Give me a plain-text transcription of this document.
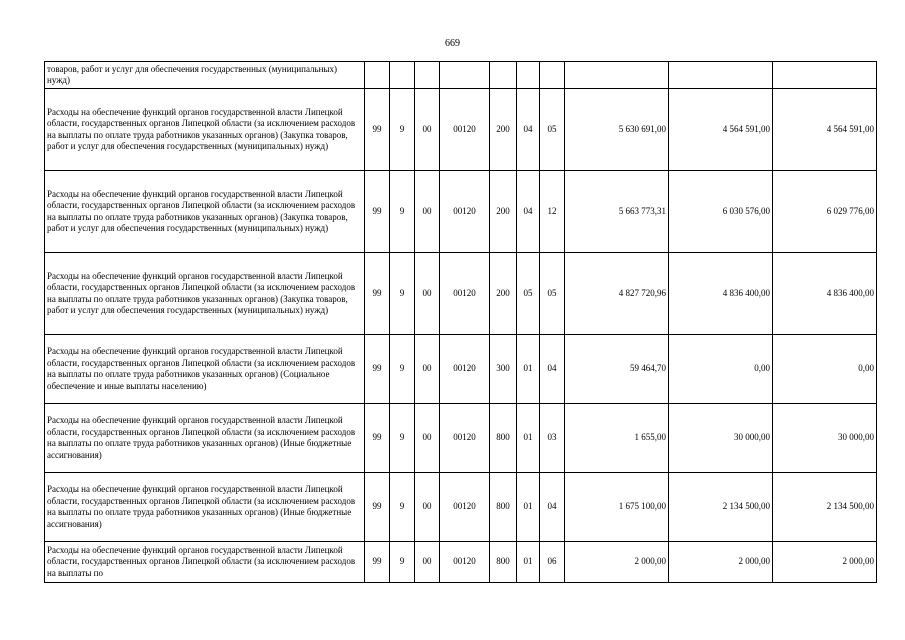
669
товаров, работ и услуг для обеспечения государственных (муниципальных) нужд)										
Расходы на обеспечение функций органов государственной власти Липецкой области, государственных органов Липецкой области (за исключением расходов на выплаты по оплате труда работников указанных органов) (Закупка товаров, работ и услуг для обеспечения государственных (муниципальных) нужд)	99	9	00	00120	200	04	05	5 630 691,00	4 564 591,00	4 564 591,00
Расходы на обеспечение функций органов государственной власти Липецкой области, государственных органов Липецкой области (за исключением расходов на выплаты по оплате труда работников указанных органов) (Закупка товаров, работ и услуг для обеспечения государственных (муниципальных) нужд)	99	9	00	00120	200	04	12	5 663 773,31	6 030 576,00	6 029 776,00
Расходы на обеспечение функций органов государственной власти Липецкой области, государственных органов Липецкой области (за исключением расходов на выплаты по оплате труда работников указанных органов) (Закупка товаров, работ и услуг для обеспечения государственных (муниципальных) нужд)	99	9	00	00120	200	05	05	4 827 720,96	4 836 400,00	4 836 400,00
Расходы на обеспечение функций органов государственной власти Липецкой области, государственных органов Липецкой области (за исключением расходов на выплаты по оплате труда работников указанных органов) (Социальное обеспечение и иные выплаты населению)	99	9	00	00120	300	01	04	59 464,70	0,00	0,00
Расходы на обеспечение функций органов государственной власти Липецкой области, государственных органов Липецкой области (за исключением расходов на выплаты по оплате труда работников указанных органов) (Иные бюджетные ассигнования)	99	9	00	00120	800	01	03	1 655,00	30 000,00	30 000,00
Расходы на обеспечение функций органов государственной власти Липецкой области, государственных органов Липецкой области (за исключением расходов на выплаты по оплате труда работников указанных органов) (Иные бюджетные ассигнования)	99	9	00	00120	800	01	04	1 675 100,00	2 134 500,00	2 134 500,00
Расходы на обеспечение функций органов государственной власти Липецкой области, государственных органов Липецкой области (за исключением расходов на выплаты по	99	9	00	00120	800	01	06	2 000,00	2 000,00	2 000,00
